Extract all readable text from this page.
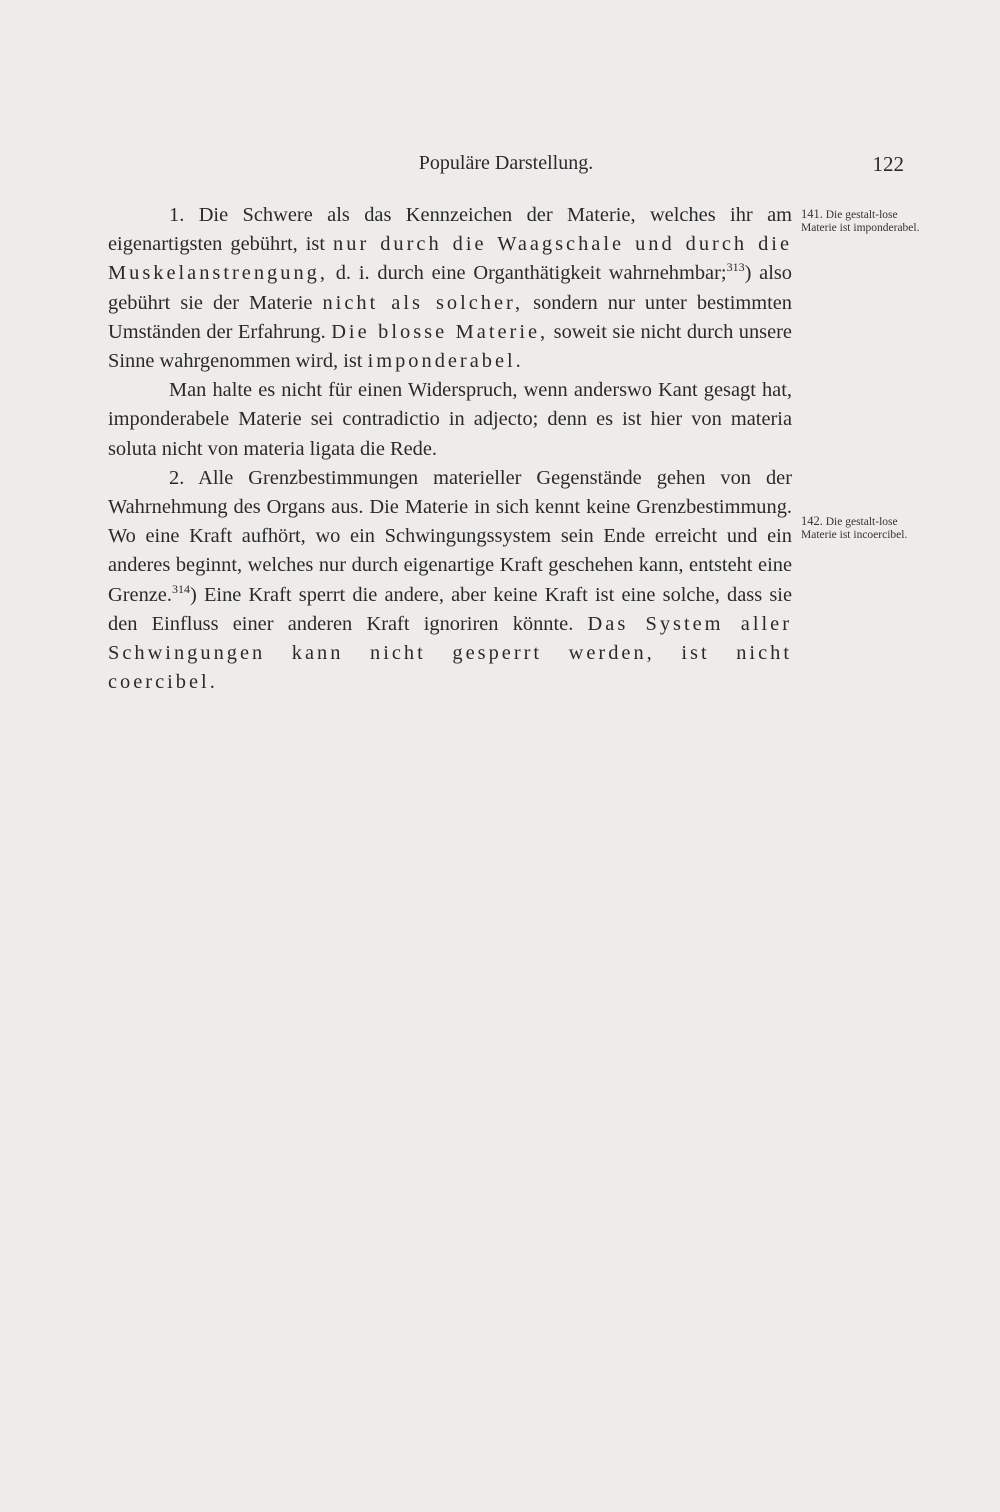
Populäre Darstellung.	122
141. Die gestalt-lose Materie ist imponderabel.
142. Die gestalt-lose Materie ist incoercibel.

1. Die Schwere als das Kennzeichen der Materie, welches ihr am eigenartigsten gebührt, ist nur durch die Waagschale und durch die Muskelanstrengung, d. i. durch eine Organthätigkeit wahrnehmbar;$^{313}$) also gebührt sie der Materie nicht als solcher, sondern nur unter bestimmten Umständen der Erfahrung. Die blosse Materie, soweit sie nicht durch unsere Sinne wahrgenommen wird, ist imponderabel.

Man halte es nicht für einen Widerspruch, wenn anderswo Kant gesagt hat, imponderabele Materie sei contradictio in adjecto; denn es ist hier von materia soluta nicht von materia ligata die Rede.

2. Alle Grenzbestimmungen materieller Gegenstände gehen von der Wahrnehmung des Organs aus. Die Materie in sich kennt keine Grenzbestimmung. Wo eine Kraft aufhört, wo ein Schwingungssystem sein Ende erreicht und ein anderes beginnt, welches nur durch eigenartige Kraft geschehen kann, entsteht eine Grenze.$^{314}$) Eine Kraft sperrt die andere, aber keine Kraft ist eine solche, dass sie den Einfluss einer anderen Kraft ignoriren könnte. Das System aller Schwingungen kann nicht gesperrt werden, ist nicht coercibel.
